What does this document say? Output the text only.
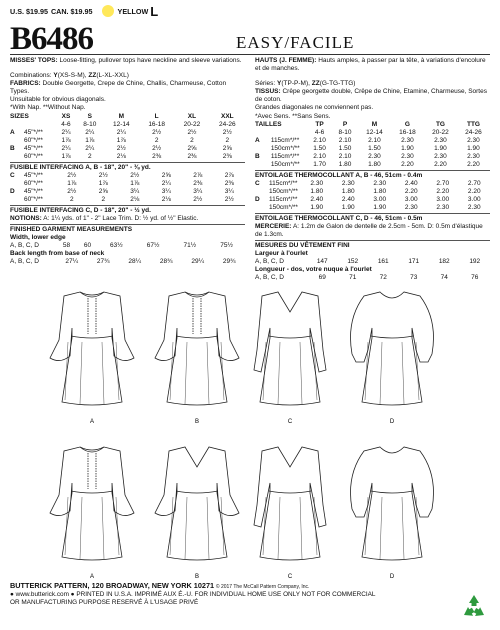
U.S. $19.95 CAN. $19.95	YELLOW L
B6486	EASY/FACILE

MISSES' TOPS: Loose-fitting, pullover tops have neckline and sleeve variations.

Combinations: Y(XS-S-M), ZZ(L-XL-XXL)

FABRICS: Double Georgette, Crepe de Chine, Challis, Charmeuse, Cotton Types.

Unsuitable for obvious diagonals.

*With Nap. **Without Nap.

SIZES		XS	S	M	L	XL	XXL
		4-6	8-10	12-14	16-18	20-22	24-26
A	45"*/**	2¼	2¼	2¼	2½	2½	2½
	60"*/**	1⅞	1⅞	1⅞	2	2	2
B	45"*/**	2¼	2¼	2½	2½	2⅝	2⅝
	60"*/**	1⅞	2	2⅛	2⅜	2⅜	2⅜
FUSIBLE INTERFACING A, B - 18", 20" - ⅜ yd.
C	45"*/**	2½	2½	2½	2⅝	2⅞	2⅞
	60"*/**	1⅞	1⅞	1⅞	2¼	2⅜	2⅜
D	45"*/**	2½	2⅝	3¼	3¼	3¼	3¼
	60"*/**	2	2	2⅛	2⅛	2½	2½
FUSIBLE INTERFACING C, D - 18", 20" - ½ yd.

NOTIONS: A: 1¼ yds. of 1" - 2" Lace Trim. D: ½ yd. of ½" Elastic.

FINISHED GARMENT MEASUREMENTS
Width, lower edge
A, B, C, D	58	60	63½	67½	71½	75½
Back length from base of neck
A, B, C, D	27¼	27¾	28¼	28¾	29¼	29¾

HAUTS (J. FEMME): Hauts amples, à passer par la tête, à variations d'encolure et de manches.

Séries: Y(TP-P-M), ZZ(G-TG-TTG)

TISSUS: Crêpe georgette double, Crêpe de Chine, Etamine, Charmeuse, Sortes de coton.

Grandes diagonales ne conviennent pas.

*Avec Sens. **Sans Sens.

TAILLES		TP	P	M	G	TG	TTG
		4-6	8-10	12-14	16-18	20-22	24-26
A	115cm*/**	2.10	2.10	2.10	2.30	2.30	2.30
	150cm*/**	1.50	1.50	1.50	1.90	1.90	1.90
B	115cm*/**	2.10	2.10	2.30	2.30	2.30	2.30
	150cm*/**	1.70	1.80	1.80	2.20	2.20	2.20
ENTOILAGE THERMOCOLLANT A, B - 46, 51cm - 0.4m
C	115cm*/**	2.30	2.30	2.30	2.40	2.70	2.70
	150cm*/**	1.80	1.80	1.80	2.20	2.20	2.20
D	115cm*/**	2.40	2.40	3.00	3.00	3.00	3.00
	150cm*/**	1.90	1.90	1.90	2.30	2.30	2.30
ENTOILAGE THERMOCOLLANT C, D - 46, 51cm - 0.5m

MERCERIE: A: 1.2m de Galon de dentelle de 2.5cm - 5cm. D: 0.5m d'élastique de 1.3cm.

MESURES DU VÊTEMENT FINI
Largeur à l'ourlet
A, B, C, D	147	152	161	171	182	192
Longueur - dos, votre nuque à l'ourlet
A, B, C, D	69	71	72	73	74	76
A	B	C	D
A	B	C	D
BUTTERICK PATTERN, 120 BROADWAY, NEW YORK 10271 © 2017 The McCall Pattern Company, Inc.
● www.butterick.com ● PRINTED IN U.S.A. IMPRIMÉ AUX É.-U. FOR INDIVIDUAL HOME USE ONLY NOT FOR COMMERCIAL
OR MANUFACTURING PURPOSE RESERVÉ À L'USAGE PRIVÉ
